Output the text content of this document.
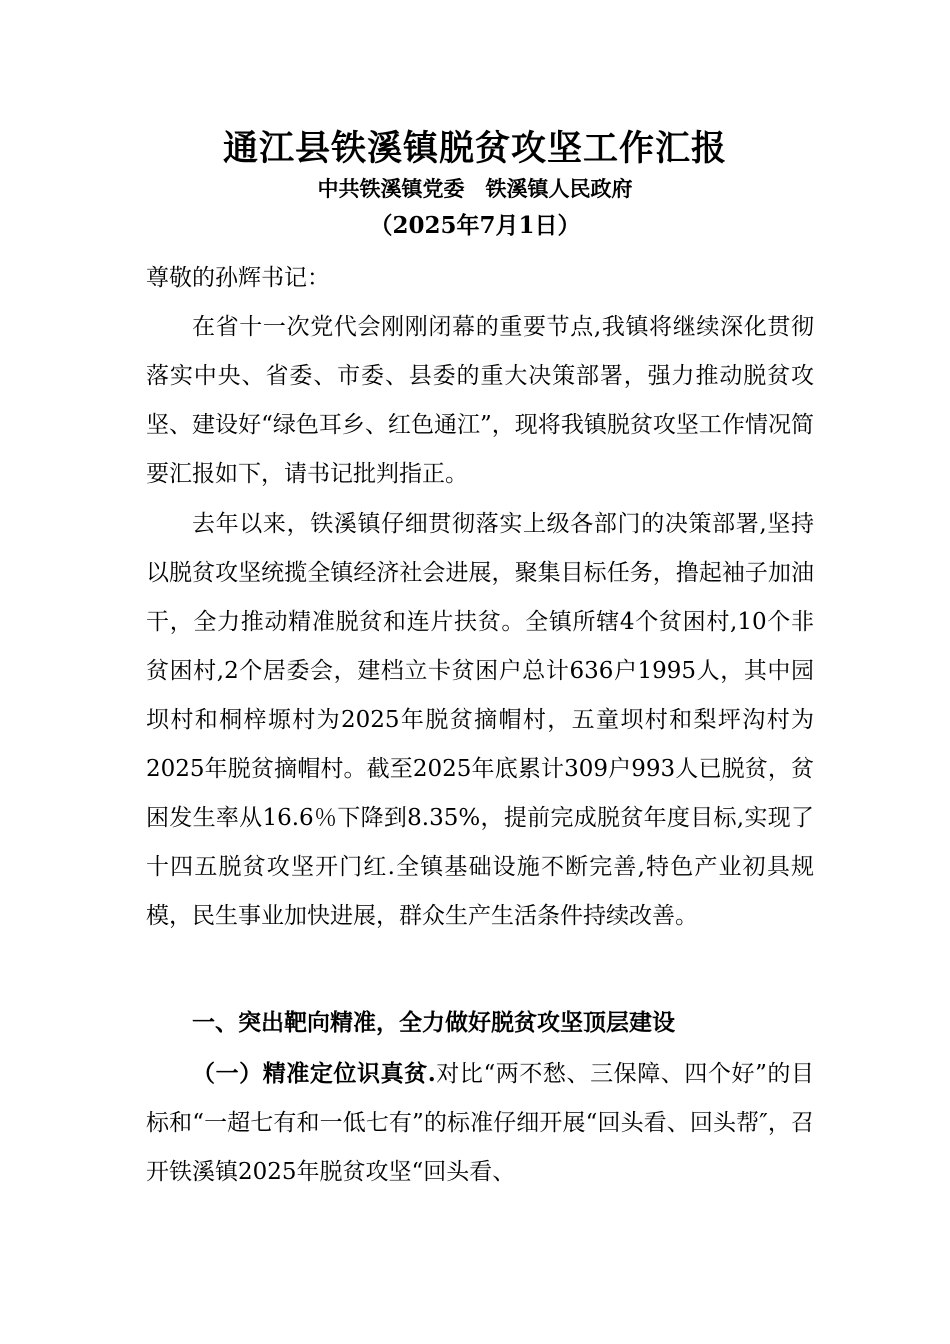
通江县铁溪镇脱贫攻坚工作汇报
中共铁溪镇党委　铁溪镇人民政府
（2025年7月1日）
尊敬的孙辉书记：
在省十一次党代会刚刚闭幕的重要节点,我镇将继续深化贯彻落实中央、省委、市委、县委的重大决策部署，强力推动脱贫攻坚、建设好“绿色耳乡、红色通江”，现将我镇脱贫攻坚工作情况简要汇报如下，请书记批判指正。
去年以来，铁溪镇仔细贯彻落实上级各部门的决策部署,坚持以脱贫攻坚统揽全镇经济社会进展，聚集目标任务，撸起袖子加油干，全力推动精准脱贫和连片扶贫。全镇所辖4个贫困村,10个非贫困村,2个居委会，建档立卡贫困户总计636户1995人，其中园坝村和桐梓塬村为2025年脱贫摘帽村，五童坝村和梨坪沟村为2025年脱贫摘帽村。截至2025年底累计309户993人已脱贫，贫困发生率从16.6％下降到8.35%，提前完成脱贫年度目标,实现了十四五脱贫攻坚开门红.全镇基础设施不断完善,特色产业初具规模，民生事业加快进展，群众生产生活条件持续改善。
一、突出靶向精准，全力做好脱贫攻坚顶层建设
（一）精准定位识真贫.对比“两不愁、三保障、四个好”的目标和“一超七有和一低七有”的标准仔细开展“回头看、回头帮″，召开铁溪镇2025年脱贫攻坚“回头看、
